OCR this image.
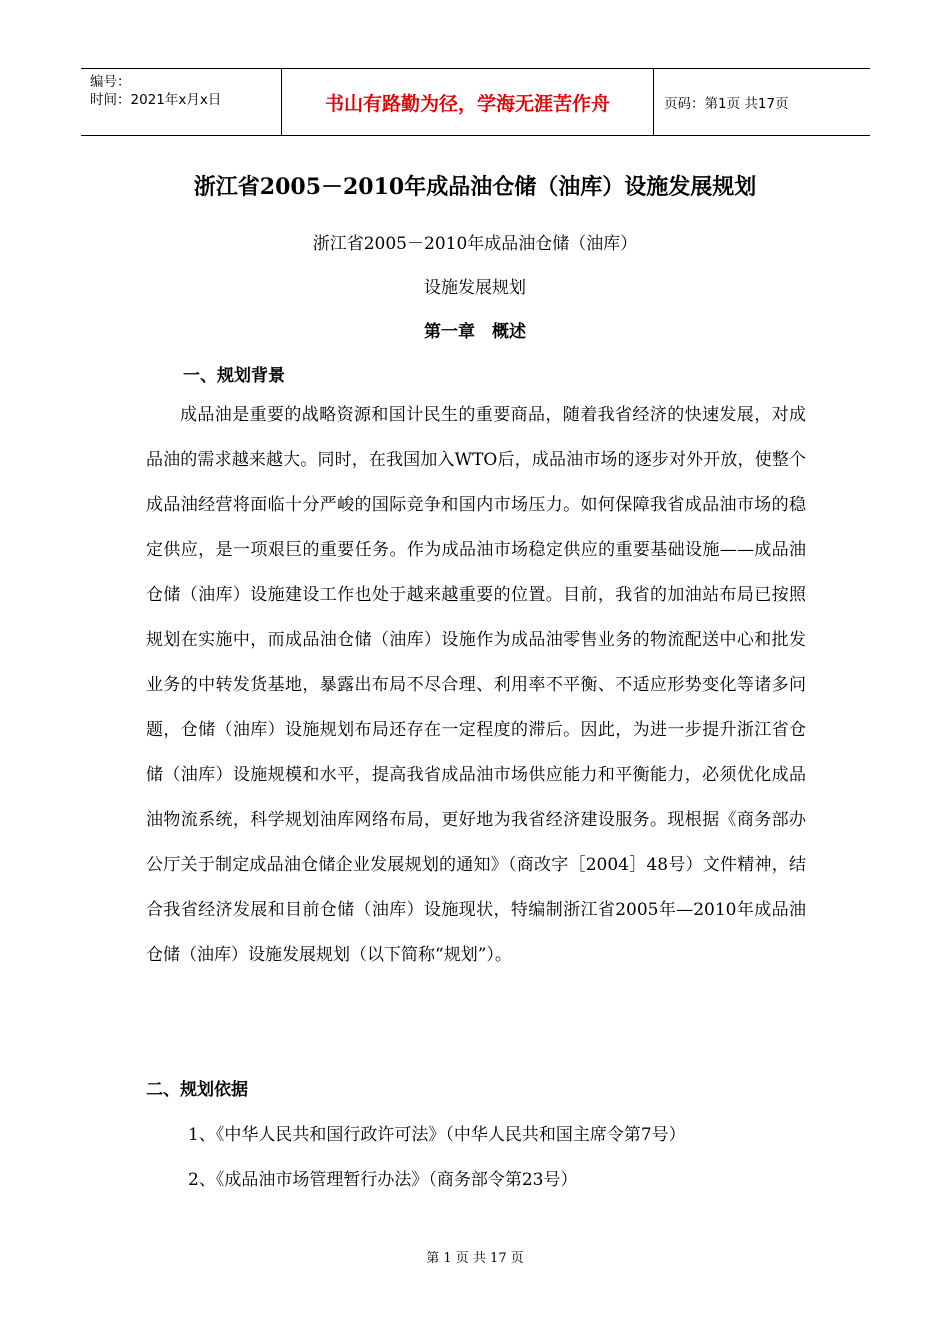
编号：
时间：2021年x月x日	书山有路勤为径，学海无涯苦作舟	页码：第1页 共17页
浙江省2005－2010年成品油仓储（油库）设施发展规划
浙江省2005－2010年成品油仓储（油库）
设施发展规划
第一章　概述
一、规划背景

成品油是重要的战略资源和国计民生的重要商品，随着我省经济的快速发展，对成品油的需求越来越大。同时，在我国加入WTO后，成品油市场的逐步对外开放，使整个成品油经营将面临十分严峻的国际竞争和国内市场压力。如何保障我省成品油市场的稳定供应，是一项艰巨的重要任务。作为成品油市场稳定供应的重要基础设施——成品油仓储（油库）设施建设工作也处于越来越重要的位置。目前，我省的加油站布局已按照规划在实施中，而成品油仓储（油库）设施作为成品油零售业务的物流配送中心和批发业务的中转发货基地，暴露出布局不尽合理、利用率不平衡、不适应形势变化等诸多问题，仓储（油库）设施规划布局还存在一定程度的滞后。因此，为进一步提升浙江省仓储（油库）设施规模和水平，提高我省成品油市场供应能力和平衡能力，必须优化成品油物流系统，科学规划油库网络布局，更好地为我省经济建设服务。现根据《商务部办公厅关于制定成品油仓储企业发展规划的通知》（商改字［2004］48号）文件精神，结合我省经济发展和目前仓储（油库）设施现状，特编制浙江省2005年—2010年成品油仓储（油库）设施发展规划（以下简称“规划”）。

二、规划依据
1、《中华人民共和国行政许可法》（中华人民共和国主席令第7号）
2、《成品油市场管理暂行办法》（商务部令第23号）
第 1 页 共 17 页
